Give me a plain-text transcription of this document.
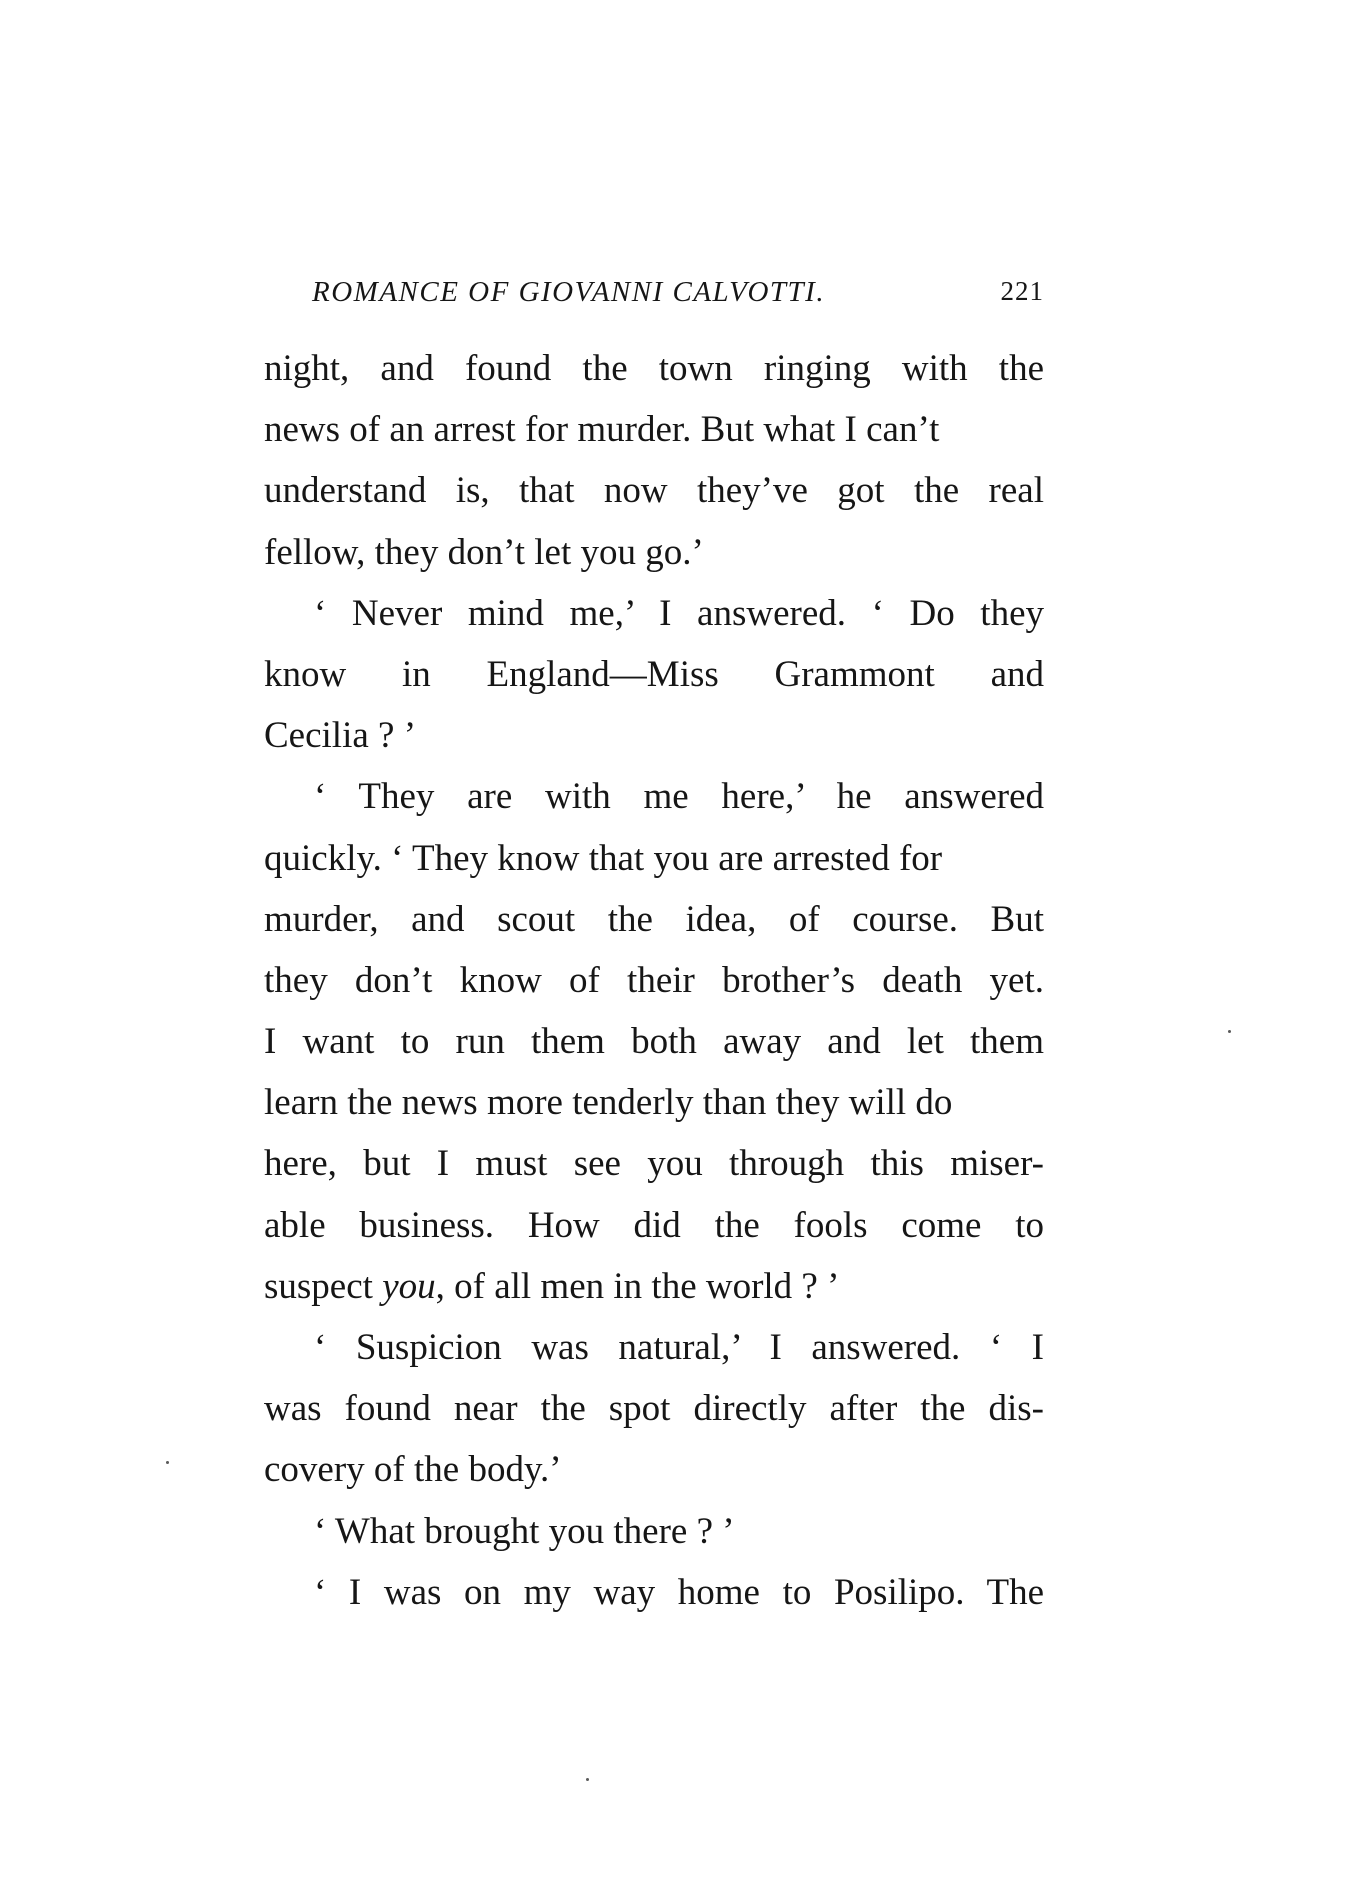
ROMANCE OF GIOVANNI CALVOTTI.	221
night, and found the town ringing with the
news of an arrest for murder. But what I can’t
understand is, that now they’ve got the real
fellow, they don’t let you go.’
‘ Never mind me,’ I answered. ‘ Do they
know in England—Miss Grammont and
Cecilia ? ’
‘ They are with me here,’ he answered
quickly. ‘ They know that you are arrested for
murder, and scout the idea, of course. But
they don’t know of their brother’s death yet.
I want to run them both away and let them
learn the news more tenderly than they will do
here, but I must see you through this miser-
able business. How did the fools come to
suspect you, of all men in the world ? ’
‘ Suspicion was natural,’ I answered. ‘ I
was found near the spot directly after the dis-
covery of the body.’
‘ What brought you there ? ’
‘ I was on my way home to Posilipo. The
